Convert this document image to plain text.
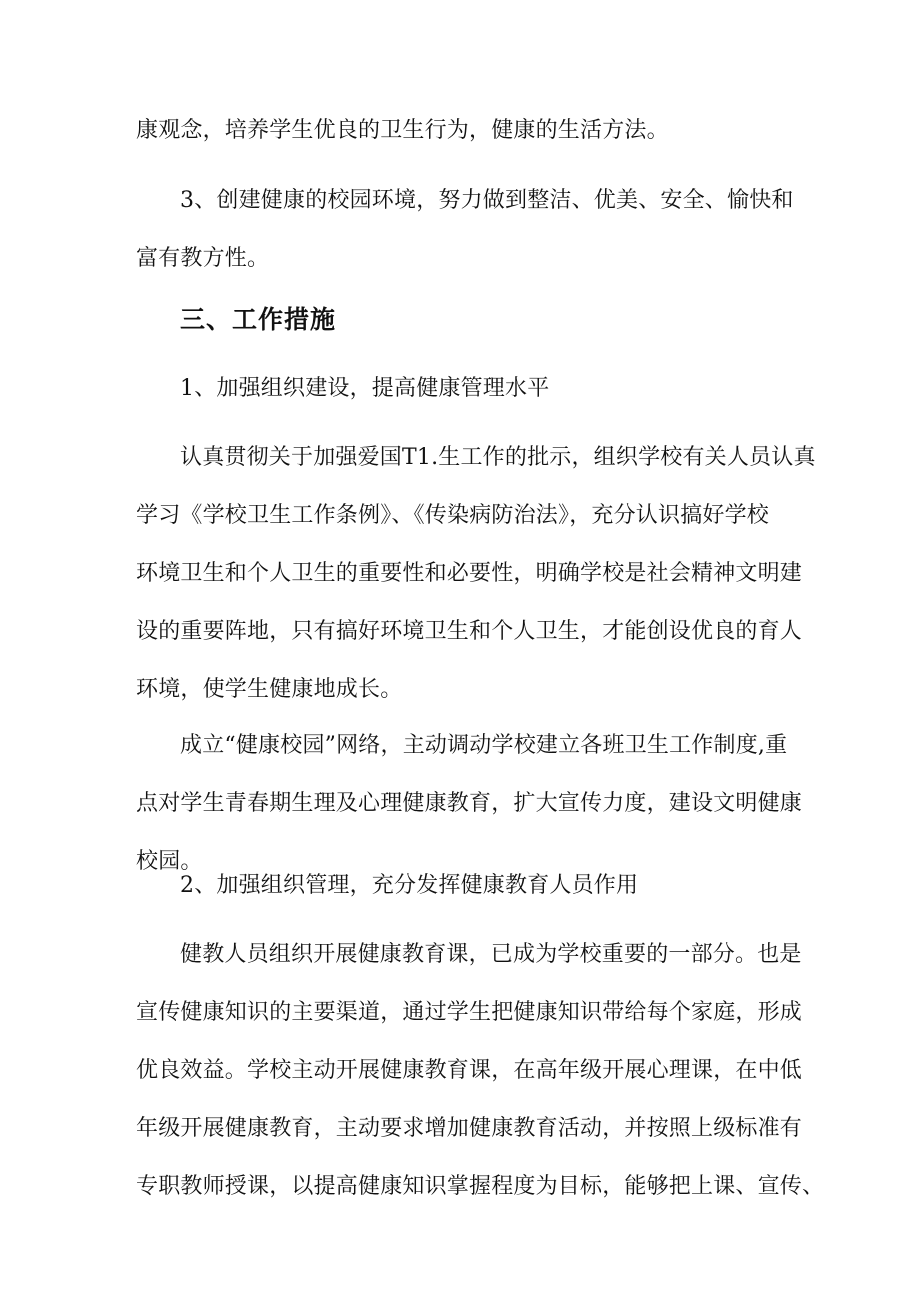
康观念，培养学生优良的卫生行为，健康的生活方法。

3、创建健康的校园环境，努力做到整洁、优美、安全、愉快和
富有教方性。

三、工作措施

1、加强组织建设，提高健康管理水平

认真贯彻关于加强爱国T1.生工作的批示，组织学校有关人员认真
学习《学校卫生工作条例》、《传染病防治法》，充分认识搞好学校
环境卫生和个人卫生的重要性和必要性，明确学校是社会精神文明建
设的重要阵地，只有搞好环境卫生和个人卫生，才能创设优良的育人
环境，使学生健康地成长。

成立“健康校园”网络，主动调动学校建立各班卫生工作制度,重
点对学生青春期生理及心理健康教育，扩大宣传力度，建设文明健康
校园。

2、加强组织管理，充分发挥健康教育人员作用

健教人员组织开展健康教育课，已成为学校重要的一部分。也是
宣传健康知识的主要渠道，通过学生把健康知识带给每个家庭，形成
优良效益。学校主动开展健康教育课，在高年级开展心理课，在中低
年级开展健康教育，主动要求增加健康教育活动，并按照上级标准有
专职教师授课，以提高健康知识掌握程度为目标，能够把上课、宣传、
